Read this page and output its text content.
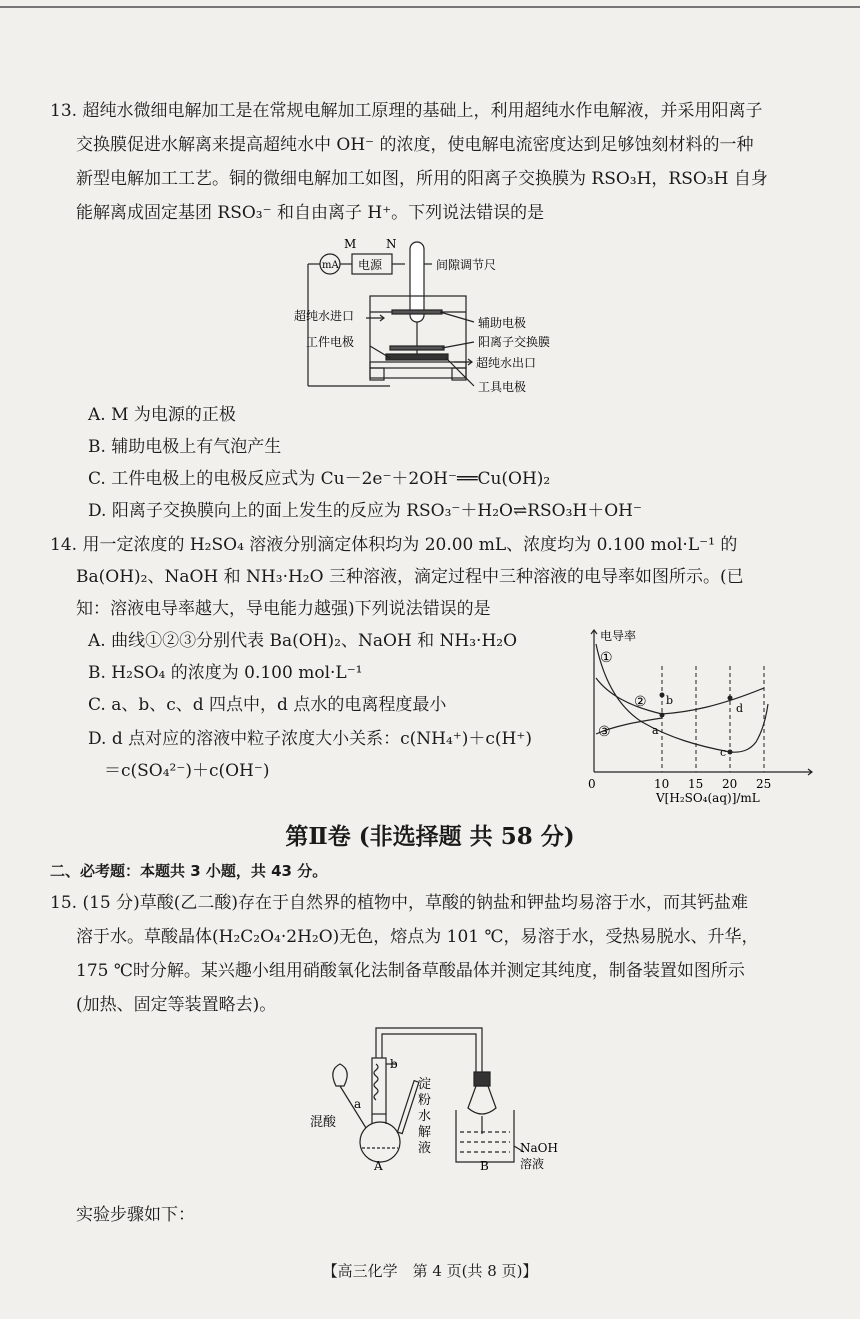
13. 超纯水微细电解加工是在常规电解加工原理的基础上，利用超纯水作电解液，并采用阳离子
交换膜促进水解离来提高超纯水中 OH⁻ 的浓度，使电解电流密度达到足够蚀刻材料的一种
新型电解加工工艺。铜的微细电解加工如图，所用的阳离子交换膜为 RSO₃H，RSO₃H 自身
能解离成固定基团 RSO₃⁻ 和自由离子 H⁺。下列说法错误的是
M N
mA 电源	间隙调节尺
超纯水进口	辅助电极
工件电极	阳离子交换膜
超纯水出口
工具电极
A. M 为电源的正极
B. 辅助电极上有气泡产生
C. 工件电极上的电极反应式为 Cu－2e⁻＋2OH⁻══Cu(OH)₂
D. 阳离子交换膜向上的面上发生的反应为 RSO₃⁻＋H₂O⇌RSO₃H＋OH⁻
14. 用一定浓度的 H₂SO₄ 溶液分别滴定体积均为 20.00 mL、浓度均为 0.100 mol·L⁻¹ 的
Ba(OH)₂、NaOH 和 NH₃·H₂O 三种溶液，滴定过程中三种溶液的电导率如图所示。(已
知：溶液电导率越大，导电能力越强)下列说法错误的是
A. 曲线①②③分别代表 Ba(OH)₂、NaOH 和 NH₃·H₂O
B. H₂SO₄ 的浓度为 0.100 mol·L⁻¹
C. a、b、c、d 四点中，d 点水的电离程度最小
D. d 点对应的溶液中粒子浓度大小关系：c(NH₄⁺)＋c(H⁺)
＝c(SO₄²⁻)＋c(OH⁻)
电导率
①
②
③	a
b
c
d
0	10 15 20 25
V[H₂SO₄(aq)]/mL
第Ⅱ卷 (非选择题 共 58 分)
二、必考题：本题共 3 小题，共 43 分。
15. (15 分)草酸(乙二酸)存在于自然界的植物中，草酸的钠盐和钾盐均易溶于水，而其钙盐难
溶于水。草酸晶体(H₂C₂O₄·2H₂O)无色，熔点为 101 ℃，易溶于水，受热易脱水、升华，
175 ℃时分解。某兴趣小组用硝酸氧化法制备草酸晶体并测定其纯度，制备装置如图所示
(加热、固定等装置略去)。
混酸
a
b
淀
粉
水
解
液
A	B
NaOH
溶液
实验步骤如下：
【高三化学　第 4 页(共 8 页)】
